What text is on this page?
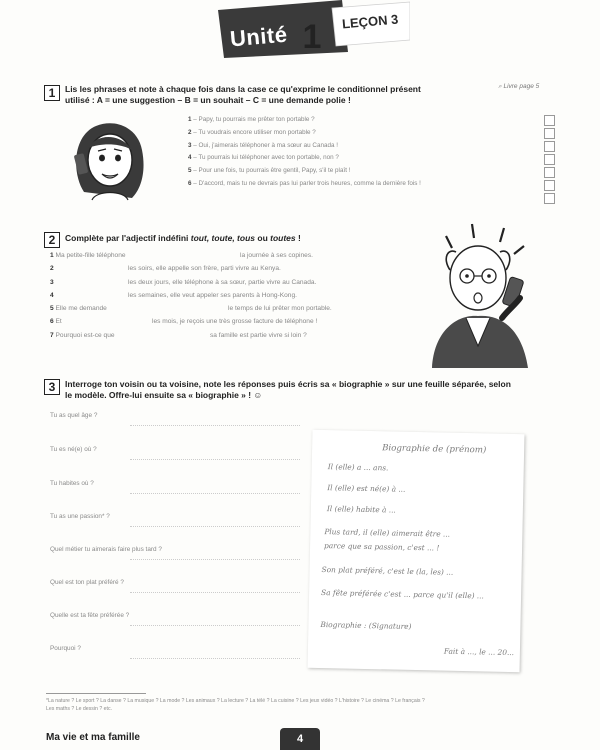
Unité 1	LEÇON 3
1	Lis les phrases et note à chaque fois dans la case ce qu'exprime le conditionnel présent
utilisé : A = une suggestion – B = un souhait – C = une demande polie !
⌕ Livre page 5
1 – Papy, tu pourrais me prêter ton portable ?
2 – Tu voudrais encore utiliser mon portable ?
3 – Oui, j'aimerais téléphoner à ma sœur au Canada !
4 – Tu pourrais lui téléphoner avec ton portable, non ?
5 – Pour une fois, tu pourrais être gentil, Papy, s'il te plaît !
6 – D'accord, mais tu ne devrais pas lui parler trois heures, comme la dernière fois !
2	Complète par l'adjectif indéfini tout, toute, tous ou toutes !
1 Ma petite-fille téléphone	la journée à ses copines.
2	les soirs, elle appelle son frère, parti vivre au Kenya.
3	les deux jours, elle téléphone à sa sœur, partie vivre au Canada.
4	les semaines, elle veut appeler ses parents à Hong-Kong.
5 Elle me demande	le temps de lui prêter mon portable.
6 Et	les mois, je reçois une très grosse facture de téléphone !
7 Pourquoi est-ce que	sa famille est partie vivre si loin ?
3	Interroge ton voisin ou ta voisine, note les réponses puis écris sa « biographie » sur une feuille séparée, selon
le modèle. Offre-lui ensuite sa « biographie » ! ☺
Tu as quel âge ?
Tu es né(e) où ?
Tu habites où ?
Tu as une passion* ?
Quel métier tu aimerais faire plus tard ?
Quel est ton plat préféré ?
Quelle est ta fête préférée ?
Pourquoi ?
Biographie de (prénom)
Il (elle) a ... ans.
Il (elle) est né(e) à ...
Il (elle) habite à ...
Plus tard, il (elle) aimerait être ...
parce que sa passion, c'est ... !
Son plat préféré, c'est le (la, les) ...
Sa fête préférée c'est ... parce qu'il (elle) ...
Biographie : (Signature)
Fait à ..., le ... 20...
*La nature ? Le sport ? La danse ? La musique ? La mode ? Les animaux ? La lecture ? La télé ? La cuisine ? Les jeux vidéo ? L'histoire ? Le cinéma ? Le français ?
Les maths ? Le dessin ? etc.
Ma vie et ma famille	4
